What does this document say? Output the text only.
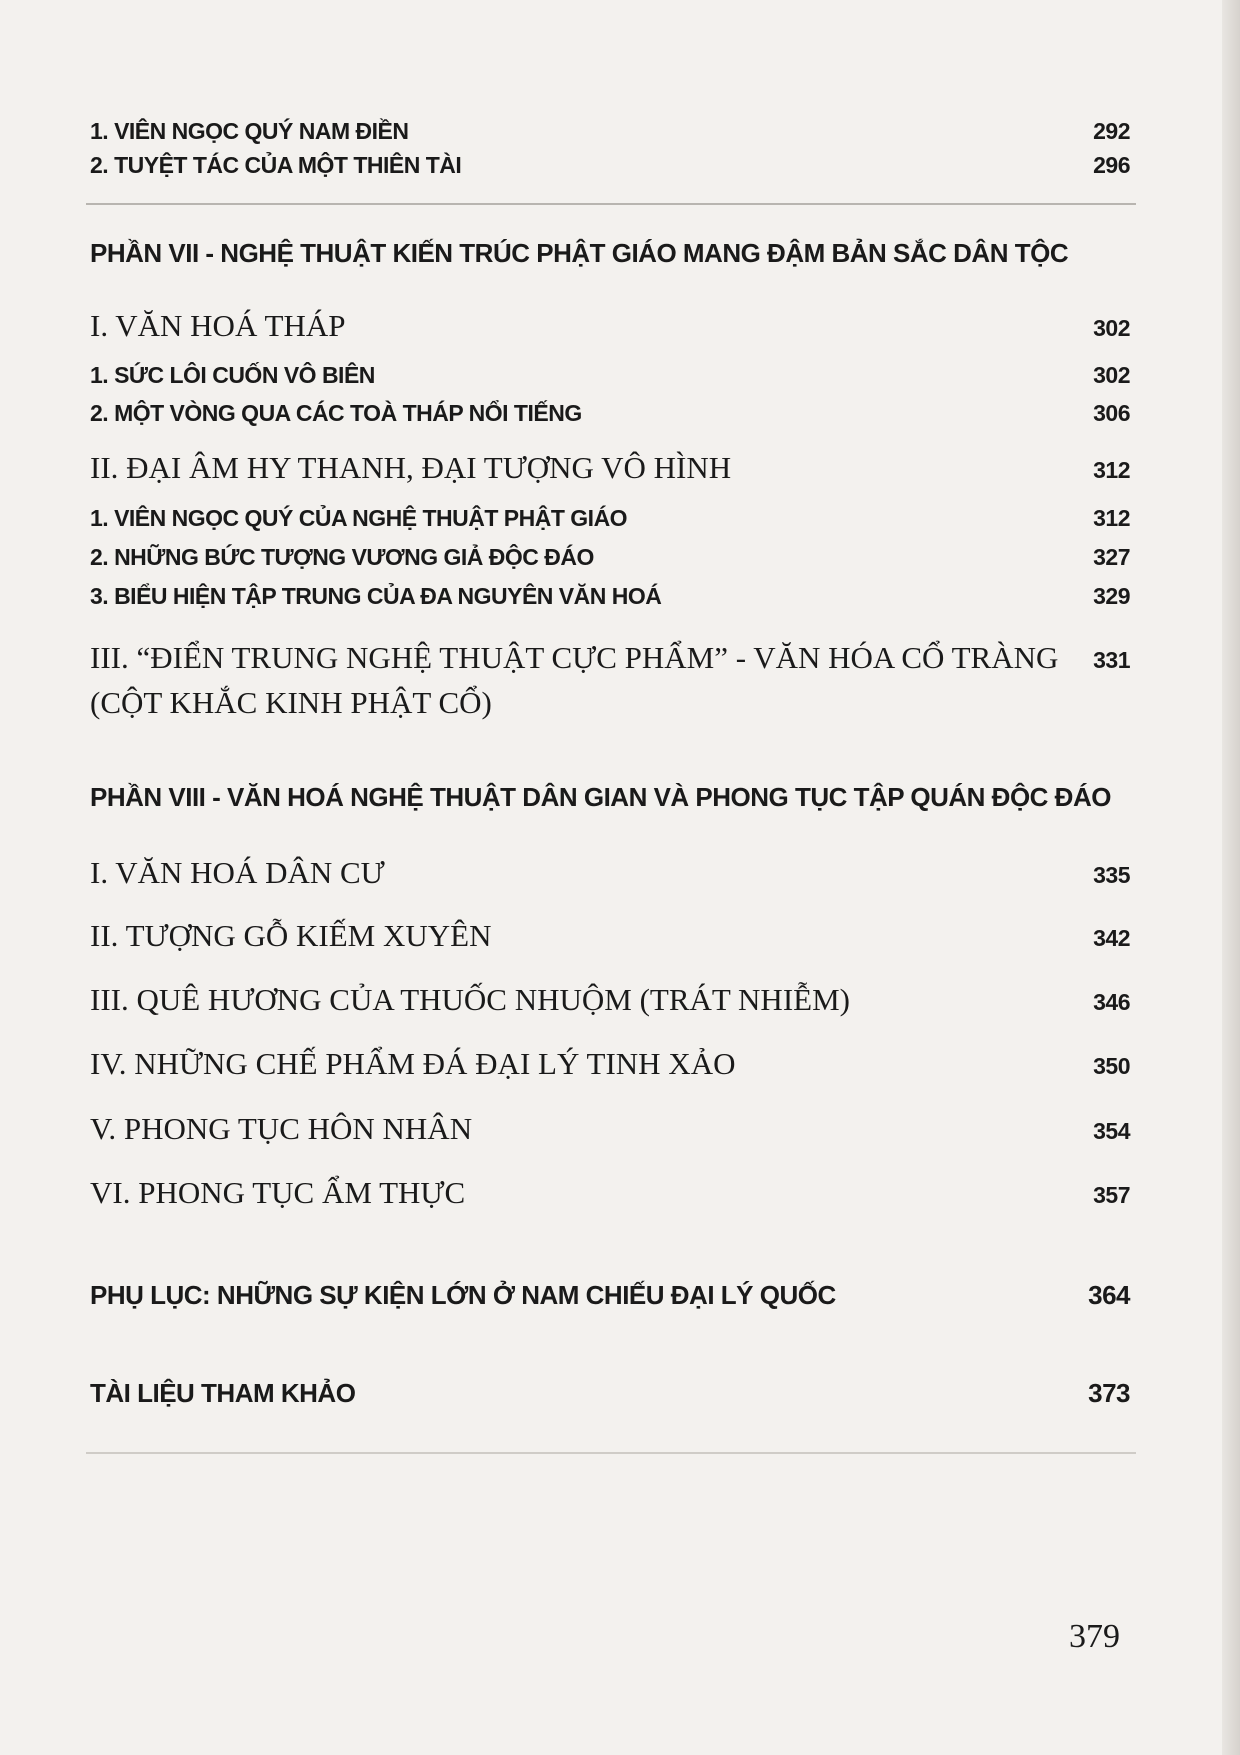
1. VIÊN NGỌC QUÝ NAM ĐIỀN	292
2. TUYỆT TÁC CỦA MỘT THIÊN TÀI	296
PHẦN VII - NGHỆ THUẬT KIẾN TRÚC PHẬT GIÁO MANG ĐẬM BẢN SẮC DÂN TỘC
I. VĂN HOÁ THÁP	302
1. SỨC LÔI CUỐN VÔ BIÊN	302
2. MỘT VÒNG QUA CÁC TOÀ THÁP NỔI TIẾNG	306
II. ĐẠI ÂM HY THANH, ĐẠI TƯỢNG VÔ HÌNH	312
1. VIÊN NGỌC QUÝ CỦA NGHỆ THUẬT PHẬT GIÁO	312
2. NHỮNG BỨC TƯỢNG VƯƠNG GIẢ ĐỘC ĐÁO	327
3. BIỂU HIỆN TẬP TRUNG CỦA ĐA NGUYÊN VĂN HOÁ	329
III. “ĐIỂN TRUNG NGHỆ THUẬT CỰC PHẨM” - VĂN HÓA CỔ TRÀNG 331
(CỘT KHẮC KINH PHẬT CỔ)
PHẦN VIII - VĂN HOÁ NGHỆ THUẬT DÂN GIAN VÀ PHONG TỤC TẬP QUÁN ĐỘC ĐÁO
I. VĂN HOÁ DÂN CƯ	335
II. TƯỢNG GỖ KIẾM XUYÊN	342
III. QUÊ HƯƠNG CỦA THUỐC NHUỘM (TRÁT NHIỄM)	346
IV. NHỮNG CHẾ PHẨM ĐÁ ĐẠI LÝ TINH XẢO	350
V. PHONG TỤC HÔN NHÂN	354
VI. PHONG TỤC ẨM THỰC	357
PHỤ LỤC: NHỮNG SỰ KIỆN LỚN Ở NAM CHIẾU ĐẠI LÝ QUỐC	364
TÀI LIỆU THAM KHẢO	373
379
